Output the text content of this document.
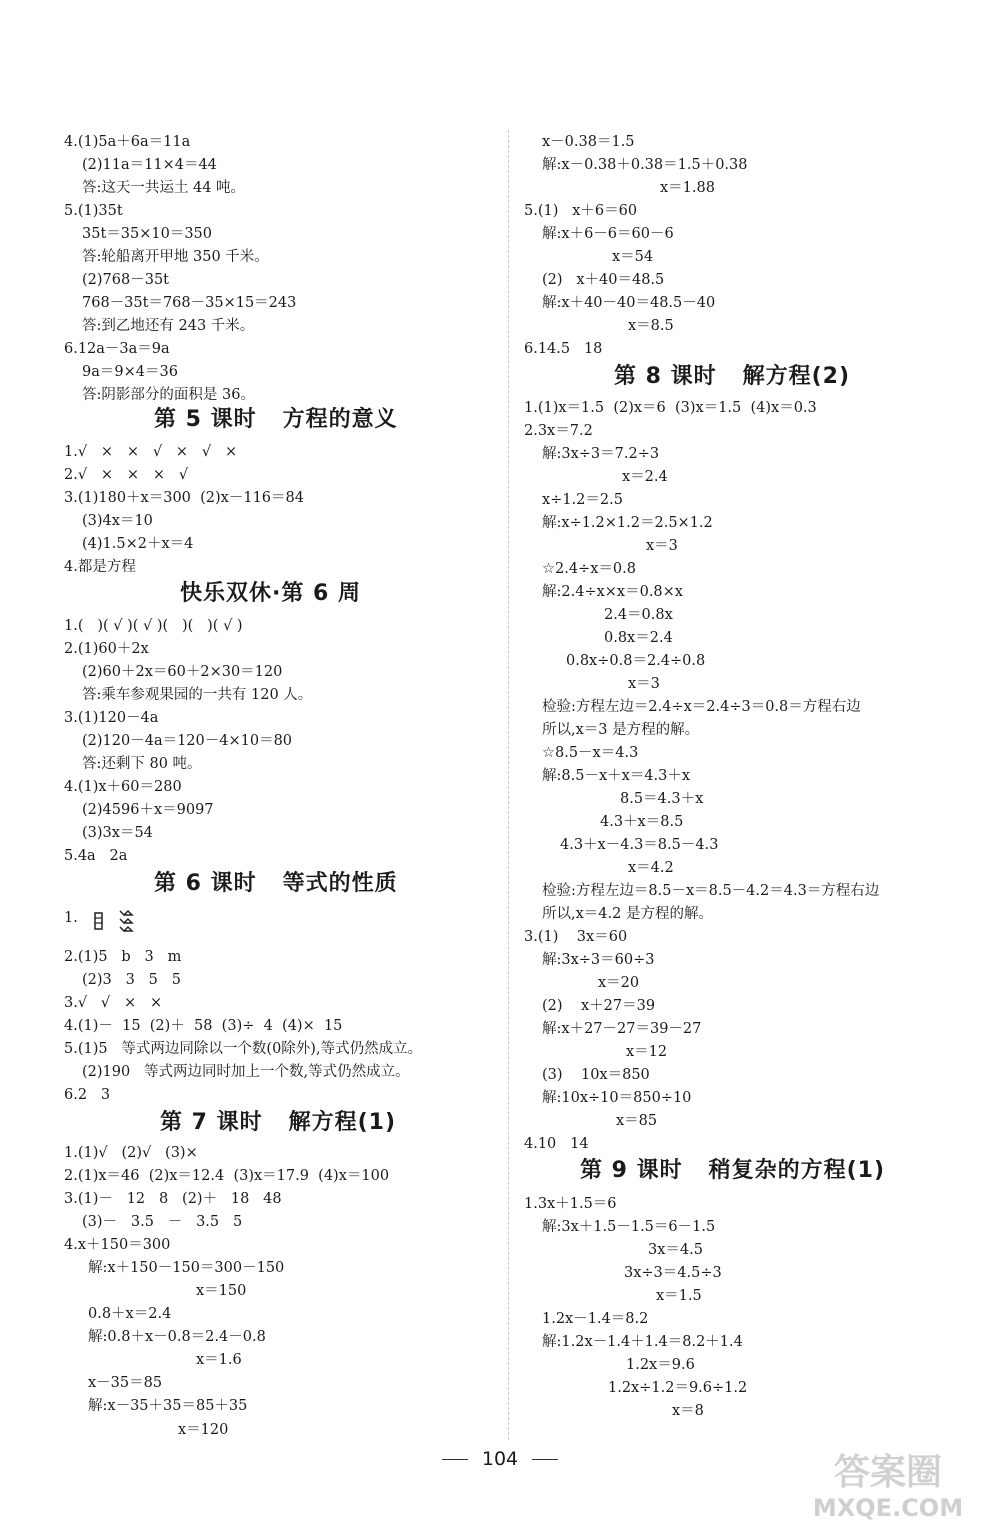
4.(1)5a＋6a＝11a
(2)11a＝11×4＝44
答:这天一共运土 44 吨。
5.(1)35t
35t＝35×10＝350
答:轮船离开甲地 350 千米。
(2)768－35t
768－35t＝768－35×15＝243
答:到乙地还有 243 千米。
6.12a－3a＝9a
9a＝9×4＝36
答:阴影部分的面积是 36。
1.√   ×   ×   √   ×   √   ×
2.√   ×   ×   ×   √
3.(1)180＋x＝300  (2)x－116＝84
(3)4x＝10
(4)1.5×2＋x＝4
4.都是方程
1.(   )( √ )( √ )(   )(   )( √ )
2.(1)60＋2x
(2)60＋2x＝60＋2×30＝120
答:乘车参观果园的一共有 120 人。
3.(1)120－4a
(2)120－4a＝120－4×10＝80
答:还剩下 80 吨。
4.(1)x＋60＝280
(2)4596＋x＝9097
(3)3x＝54
5.4a   2a
1.
2.(1)5   b   3   m
(2)3   3   5   5
3.√   √   ×   ×
4.(1)－  15  (2)＋  58  (3)÷  4  (4)×  15
5.(1)5   等式两边同除以一个数(0除外),等式仍然成立。
(2)190   等式两边同时加上一个数,等式仍然成立。
6.2   3
1.(1)√   (2)√   (3)×
2.(1)x＝46  (2)x＝12.4  (3)x＝17.9  (4)x＝100
3.(1)－   12   8   (2)＋   18   48
(3)－   3.5   －   3.5   5
4.x＋150＝300
解:x＋150－150＝300－150
x＝150
0.8＋x＝2.4
解:0.8＋x－0.8＝2.4－0.8
x＝1.6
x－35＝85
解:x－35＋35＝85＋35
x＝120
第 5 课时   方程的意义
快乐双休·第 6 周
第 6 课时   等式的性质
第 7 课时   解方程(1)
x－0.38＝1.5
解:x－0.38＋0.38＝1.5＋0.38
x＝1.88
5.(1)   x＋6＝60
解:x＋6－6＝60－6
x＝54
(2)   x＋40＝48.5
解:x＋40－40＝48.5－40
x＝8.5
6.14.5   18
1.(1)x＝1.5  (2)x＝6  (3)x＝1.5  (4)x＝0.3
2.3x＝7.2
解:3x÷3＝7.2÷3
x＝2.4
x÷1.2＝2.5
解:x÷1.2×1.2＝2.5×1.2
x＝3
☆2.4÷x＝0.8
解:2.4÷x×x＝0.8×x
2.4＝0.8x
0.8x＝2.4
0.8x÷0.8＝2.4÷0.8
x＝3
检验:方程左边＝2.4÷x＝2.4÷3＝0.8＝方程右边
所以,x＝3 是方程的解。
☆8.5－x＝4.3
解:8.5－x＋x＝4.3＋x
8.5＝4.3＋x
4.3＋x＝8.5
4.3＋x－4.3＝8.5－4.3
x＝4.2
检验:方程左边＝8.5－x＝8.5－4.2＝4.3＝方程右边
所以,x＝4.2 是方程的解。
3.(1)    3x＝60
解:3x÷3＝60÷3
x＝20
(2)    x＋27＝39
解:x＋27－27＝39－27
x＝12
(3)    10x＝850
解:10x÷10＝850÷10
x＝85
4.10   14
1.3x＋1.5＝6
解:3x＋1.5－1.5＝6－1.5
3x＝4.5
3x÷3＝4.5÷3
x＝1.5
1.2x－1.4＝8.2
解:1.2x－1.4＋1.4＝8.2＋1.4
1.2x＝9.6
1.2x÷1.2＝9.6÷1.2
x＝8
第 8 课时   解方程(2)
第 9 课时   稍复杂的方程(1)
104	答案圈
MXQE.COM
